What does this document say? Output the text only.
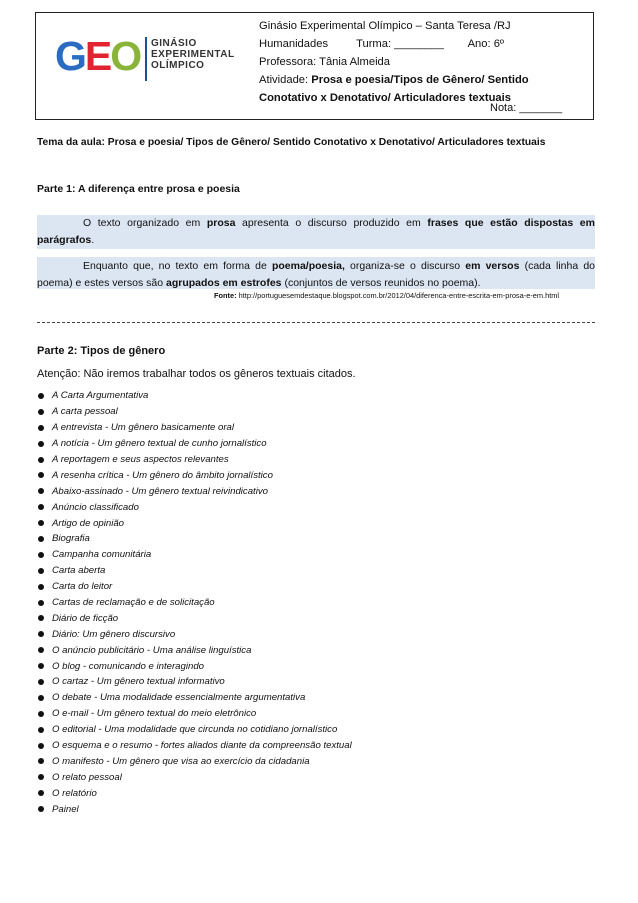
GEO GINÁSIO
EXPERIMENTAL
OLÍMPICO
Ginásio Experimental Olímpico – Santa Teresa /RJ
Humanidades	Turma: ________ Ano: 6º
Professora: Tânia Almeida
Atividade: Prosa e poesia/Tipos de Gênero/ Sentido
Conotativo x Denotativo/ Articuladores textuais
Nota: _______
Tema da aula: Prosa e poesia/ Tipos de Gênero/ Sentido Conotativo x Denotativo/ Articuladores textuais
Parte 1: A diferença entre prosa e poesia
O texto organizado em prosa apresenta o discurso produzido em frases que estão dispostas em parágrafos.
Enquanto que, no texto em forma de poema/poesia, organiza-se o discurso em versos (cada linha do poema) e estes versos são agrupados em estrofes (conjuntos de versos reunidos no poema).
Fonte: http://portuguesemdestaque.blogspot.com.br/2012/04/diferenca-entre-escrita-em-prosa-e-em.html
Parte 2: Tipos de gênero
Atenção: Não iremos trabalhar todos os gêneros textuais citados.
A Carta Argumentativa
A carta pessoal
A entrevista - Um gênero basicamente oral
A notícia - Um gênero textual de cunho jornalístico
A reportagem e seus aspectos relevantes
A resenha crítica - Um gênero do âmbito jornalístico
Abaixo-assinado - Um gênero textual reivindicativo
Anúncio classificado
Artigo de opinião
Biografia
Campanha comunitária
Carta aberta
Carta do leitor
Cartas de reclamação e de solicitação
Diário de ficção
Diário: Um gênero discursivo
O anúncio publicitário - Uma análise linguística
O blog - comunicando e interagindo
O cartaz - Um gênero textual informativo
O debate - Uma modalidade essencialmente argumentativa
O e-mail - Um gênero textual do meio eletrônico
O editorial - Uma modalidade que circunda no cotidiano jornalístico
O esquema e o resumo - fortes aliados diante da compreensão textual
O manifesto - Um gênero que visa ao exercício da cidadania
O relato pessoal
O relatório
Painel
